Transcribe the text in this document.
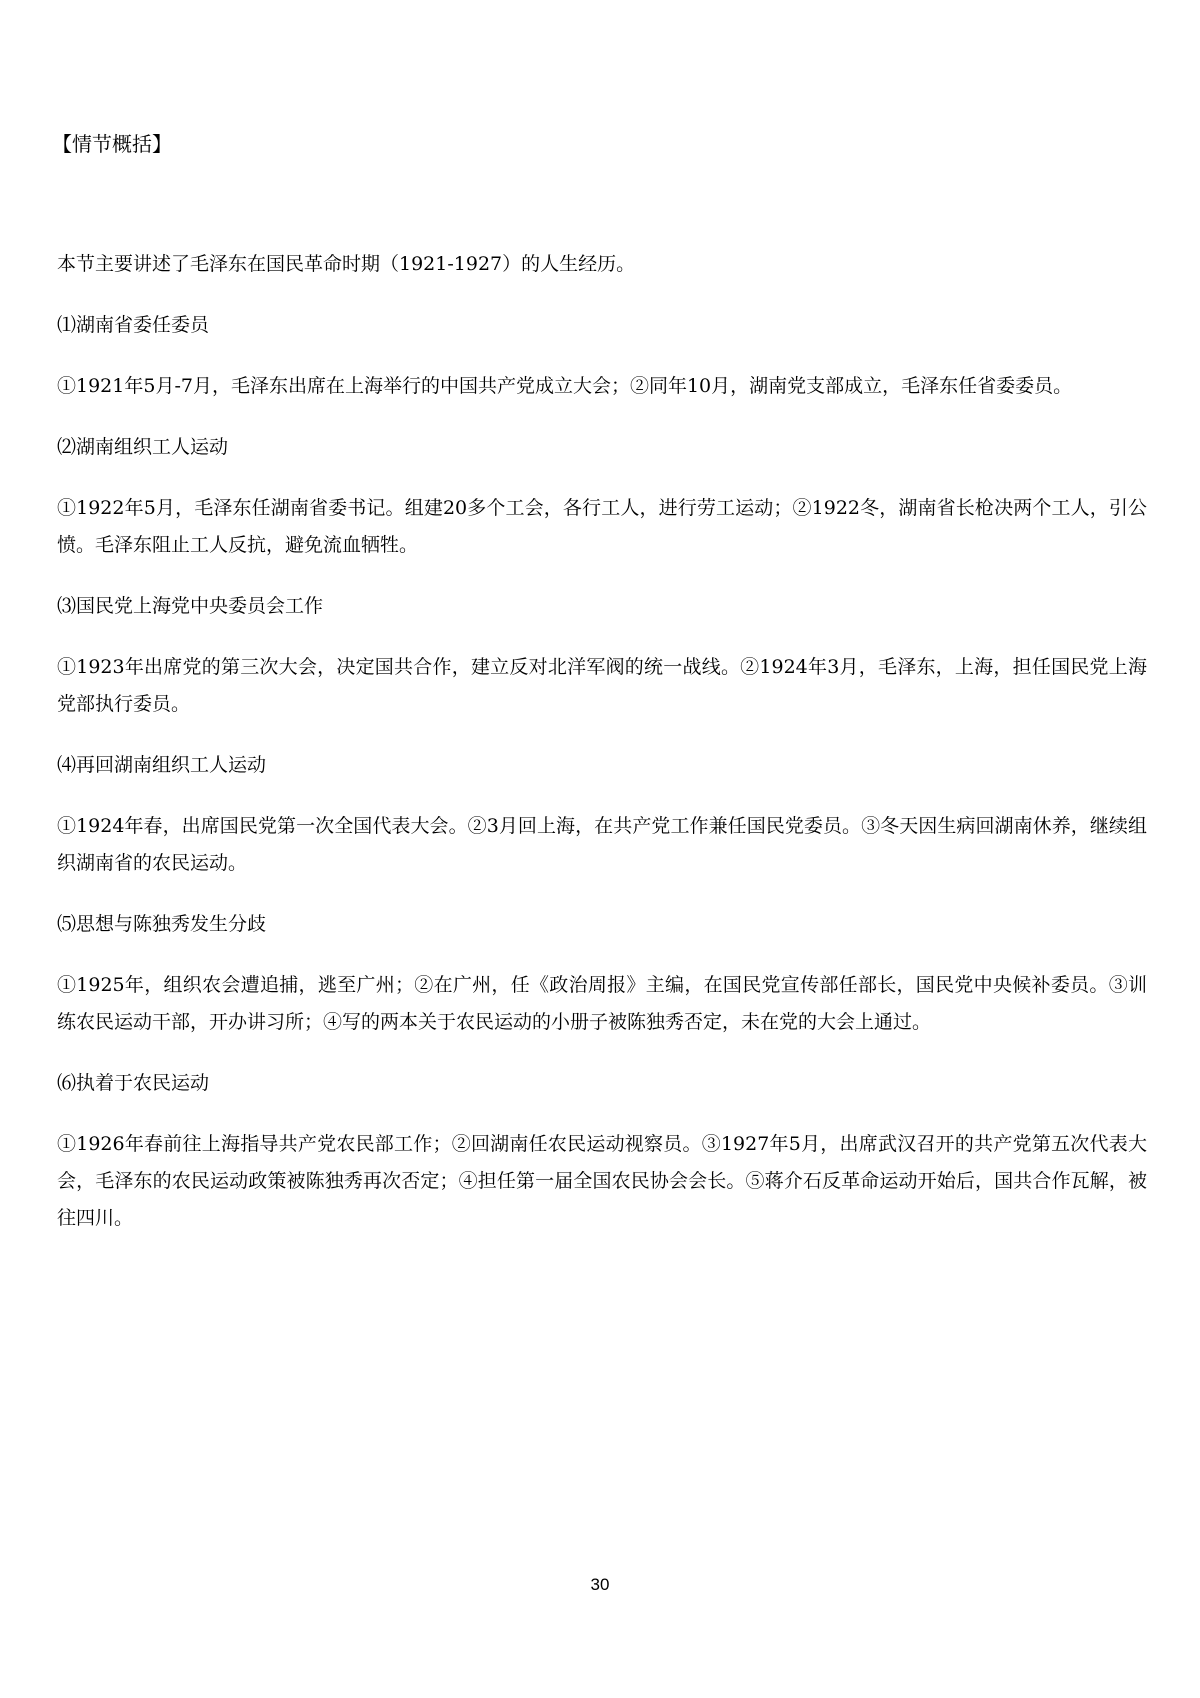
【情节概括】

本节主要讲述了毛泽东在国民革命时期（1921-1927）的人生经历。

⑴湖南省委任委员

①1921年5月-7月，毛泽东出席在上海举行的中国共产党成立大会；②同年10月，湖南党支部成立，毛泽东任省委委员。

⑵湖南组织工人运动

①1922年5月，毛泽东任湖南省委书记。组建20多个工会，各行工人，进行劳工运动；②1922冬，湖南省长枪决两个工人，引公愤。毛泽东阻止工人反抗，避免流血牺牲。

⑶国民党上海党中央委员会工作

①1923年出席党的第三次大会，决定国共合作，建立反对北洋军阀的统一战线。②1924年3月，毛泽东，上海，担任国民党上海党部执行委员。

⑷再回湖南组织工人运动

①1924年春，出席国民党第一次全国代表大会。②3月回上海，在共产党工作兼任国民党委员。③冬天因生病回湖南休养，继续组织湖南省的农民运动。

⑸思想与陈独秀发生分歧

①1925年，组织农会遭追捕，逃至广州；②在广州，任《政治周报》主编，在国民党宣传部任部长，国民党中央候补委员。③训练农民运动干部，开办讲习所；④写的两本关于农民运动的小册子被陈独秀否定，未在党的大会上通过。

⑹执着于农民运动

①1926年春前往上海指导共产党农民部工作；②回湖南任农民运动视察员。③1927年5月，出席武汉召开的共产党第五次代表大会，毛泽东的农民运动政策被陈独秀再次否定；④担任第一届全国农民协会会长。⑤蒋介石反革命运动开始后，国共合作瓦解，被往四川。

30
